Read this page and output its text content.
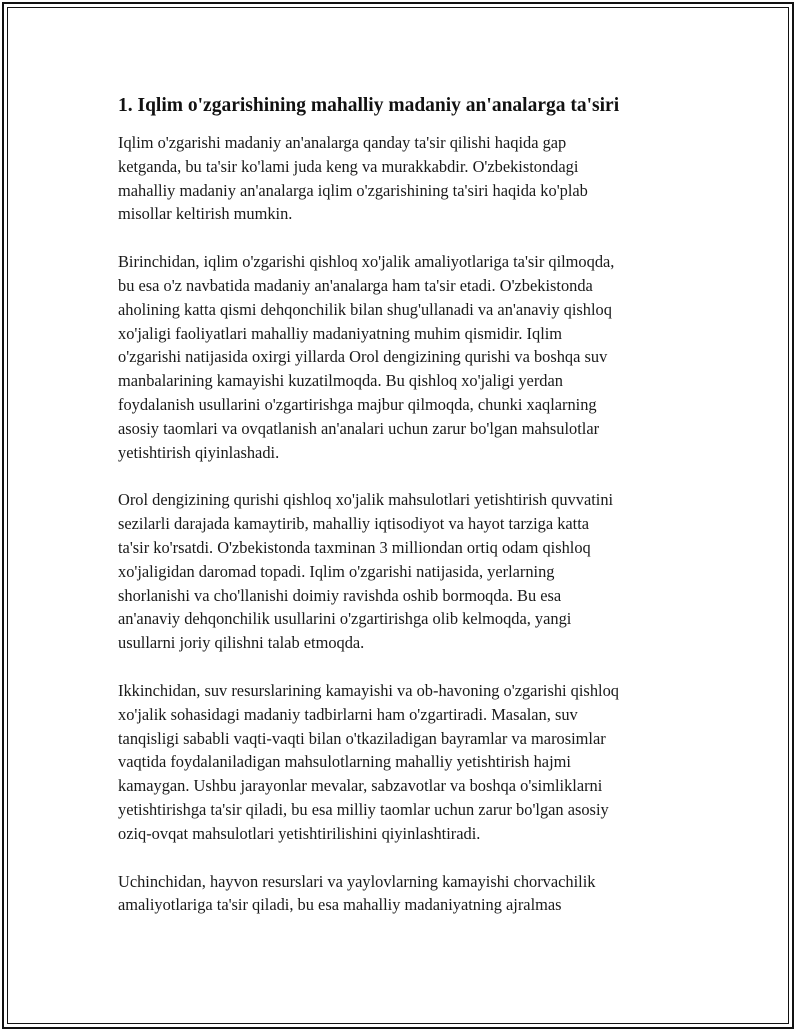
1. Iqlim o'zgarishining mahalliy madaniy an'analarga ta'siri

Iqlim o'zgarishi madaniy an'analarga qanday ta'sir qilishi haqida gap
ketganda, bu ta'sir ko'lami juda keng va murakkabdir. O'zbekistondagi
mahalliy madaniy an'analarga iqlim o'zgarishining ta'siri haqida ko'plab
misollar keltirish mumkin.

Birinchidan, iqlim o'zgarishi qishloq xo'jalik amaliyotlariga ta'sir qilmoqda,
bu esa o'z navbatida madaniy an'analarga ham ta'sir etadi. O'zbekistonda
aholining katta qismi dehqonchilik bilan shug'ullanadi va an'anaviy qishloq
xo'jaligi faoliyatlari mahalliy madaniyatning muhim qismidir. Iqlim
o'zgarishi natijasida oxirgi yillarda Orol dengizining qurishi va boshqa suv
manbalarining kamayishi kuzatilmoqda. Bu qishloq xo'jaligi yerdan
foydalanish usullarini o'zgartirishga majbur qilmoqda, chunki xaqlarning
asosiy taomlari va ovqatlanish an'analari uchun zarur bo'lgan mahsulotlar
yetishtirish qiyinlashadi.

Orol dengizining qurishi qishloq xo'jalik mahsulotlari yetishtirish quvvatini
sezilarli darajada kamaytirib, mahalliy iqtisodiyot va hayot tarziga katta
ta'sir ko'rsatdi. O'zbekistonda taxminan 3 milliondan ortiq odam qishloq
xo'jaligidan daromad topadi. Iqlim o'zgarishi natijasida, yerlarning
shorlanishi va cho'llanishi doimiy ravishda oshib bormoqda. Bu esa
an'anaviy dehqonchilik usullarini o'zgartirishga olib kelmoqda, yangi
usullarni joriy qilishni talab etmoqda.

Ikkinchidan, suv resurslarining kamayishi va ob-havoning o'zgarishi qishloq
xo'jalik sohasidagi madaniy tadbirlarni ham o'zgartiradi. Masalan, suv
tanqisligi sababli vaqti-vaqti bilan o'tkaziladigan bayramlar va marosimlar
vaqtida foydalaniladigan mahsulotlarning mahalliy yetishtirish hajmi
kamaygan. Ushbu jarayonlar mevalar, sabzavotlar va boshqa o'simliklarni
yetishtirishga ta'sir qiladi, bu esa milliy taomlar uchun zarur bo'lgan asosiy
oziq-ovqat mahsulotlari yetishtirilishini qiyinlashtiradi.

Uchinchidan, hayvon resurslari va yaylovlarning kamayishi chorvachilik
amaliyotlariga ta'sir qiladi, bu esa mahalliy madaniyatning ajralmas
